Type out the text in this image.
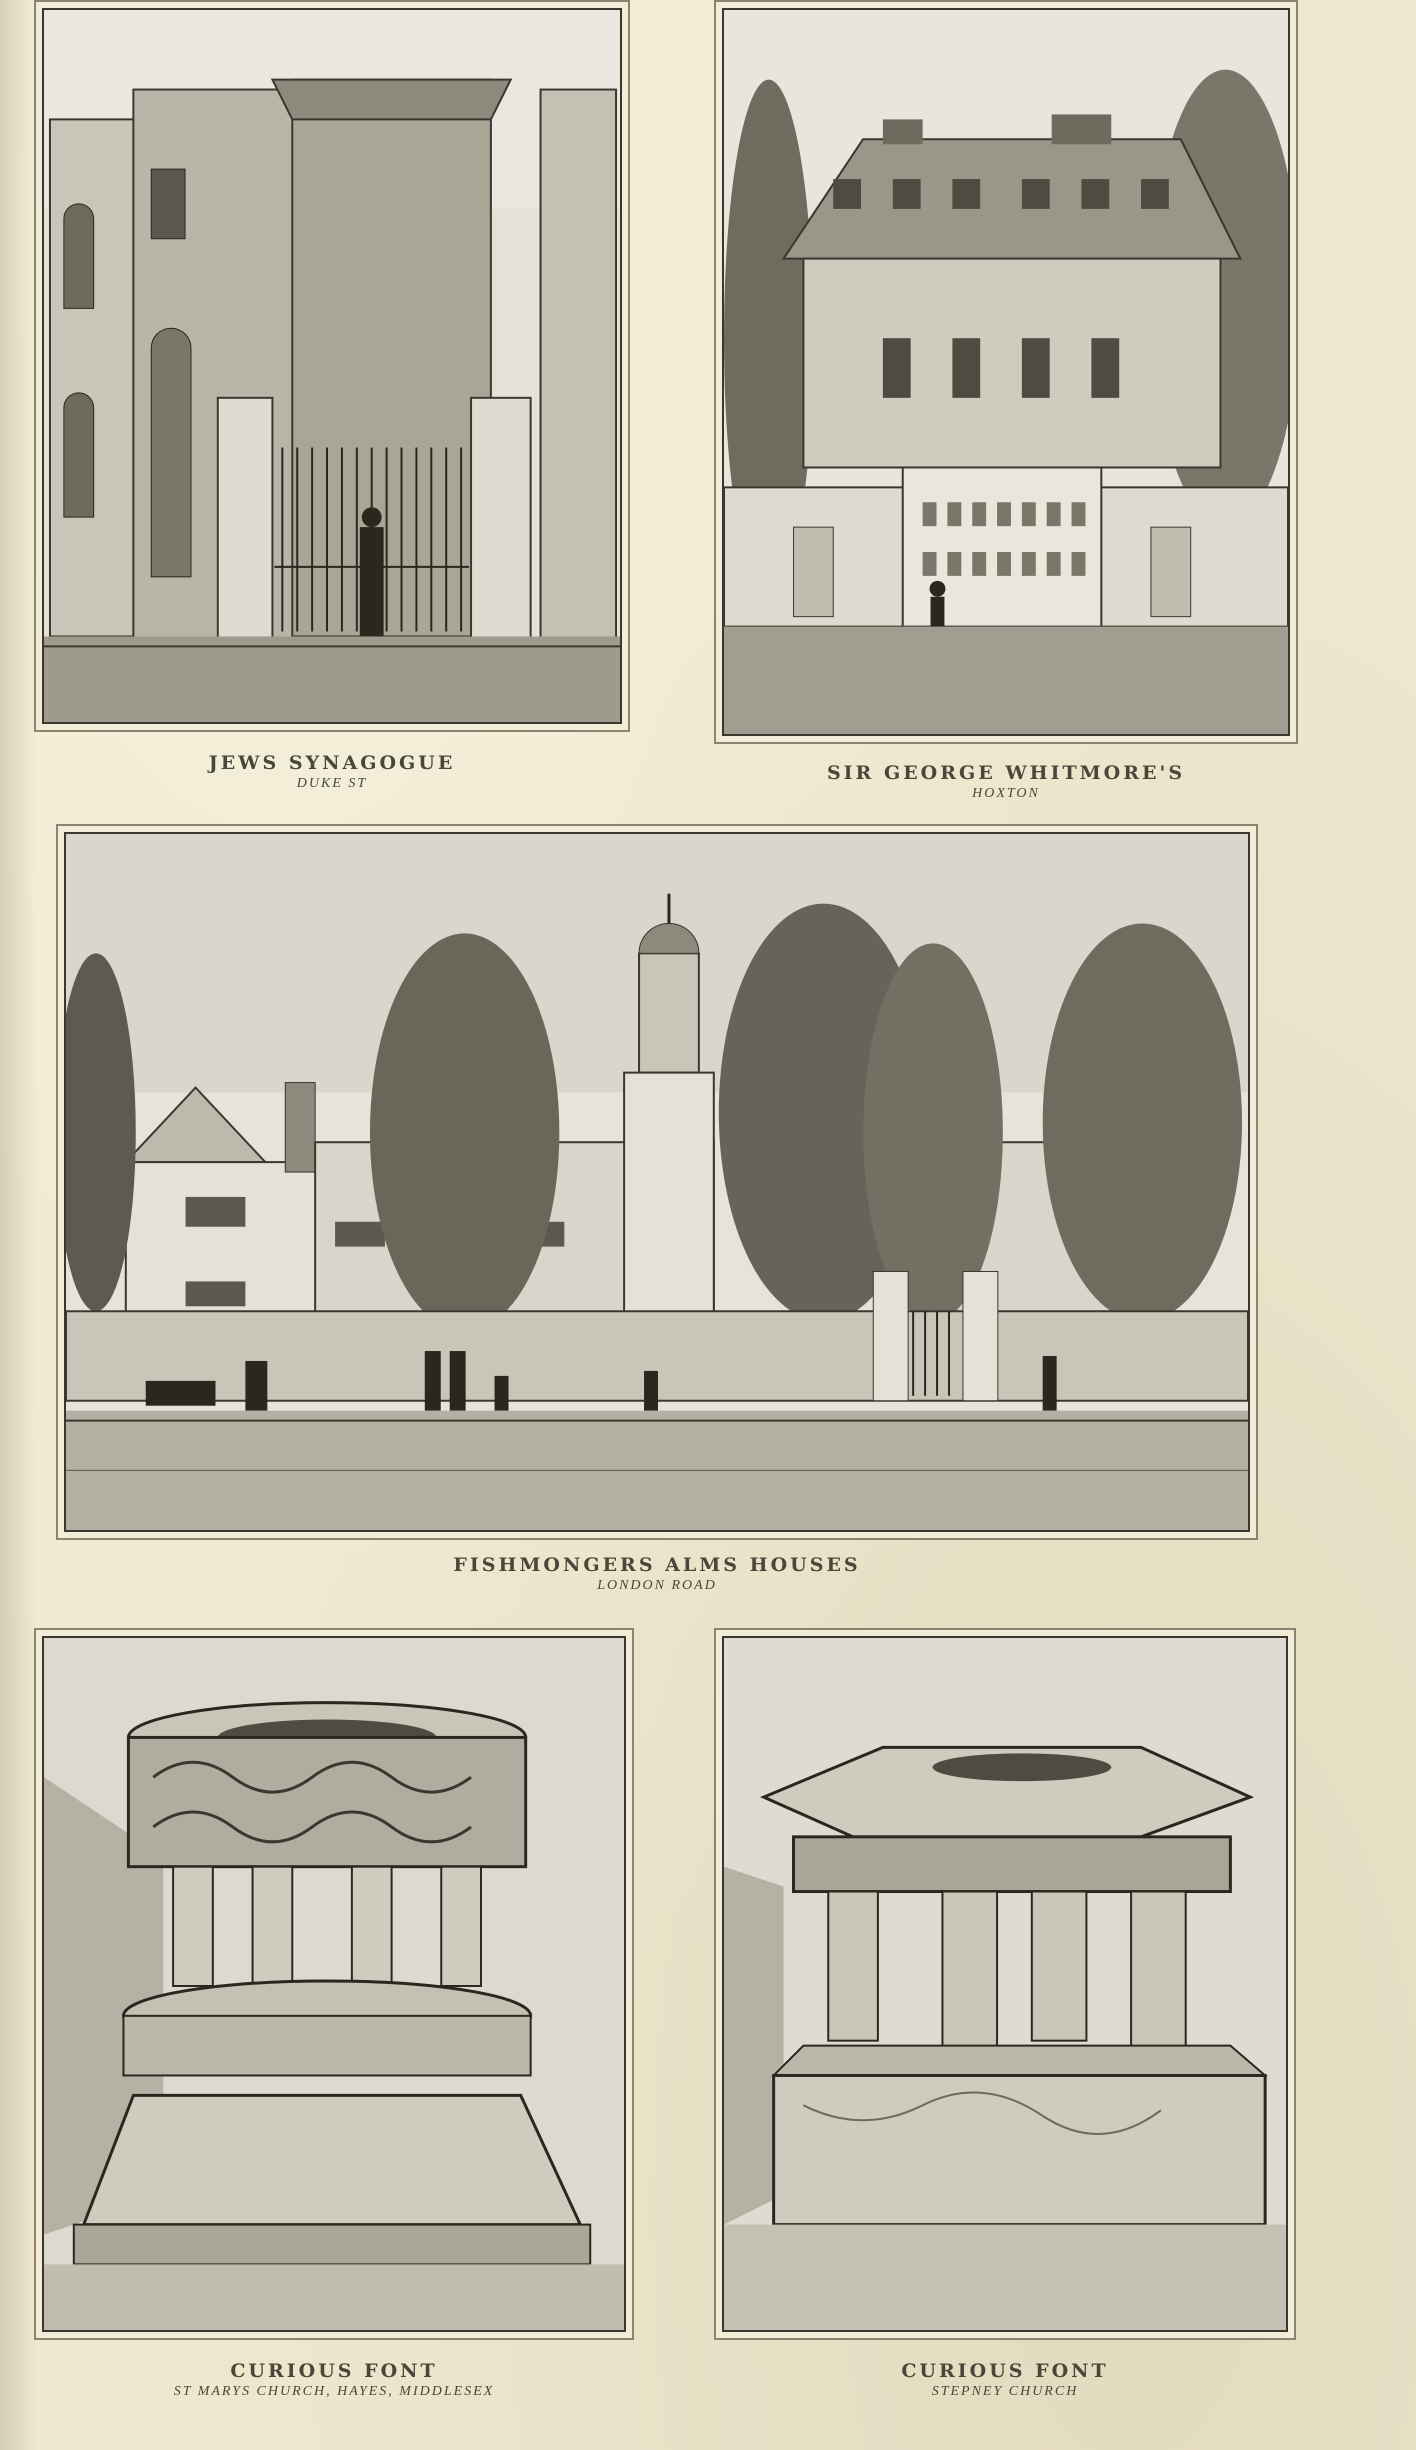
JEWS SYNAGOGUE
DUKE ST	SIR GEORGE WHITMORE'S
HOXTON
FISHMONGERS ALMS HOUSES
LONDON ROAD
CURIOUS FONT
ST MARYS CHURCH, HAYES, MIDDLESEX
CURIOUS FONT
STEPNEY CHURCH
